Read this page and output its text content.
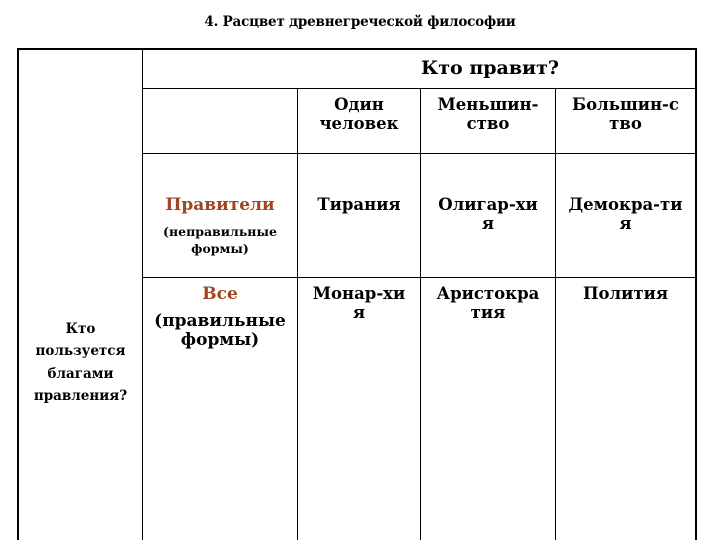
4. Расцвет древнегреческой философии
Кто правит?
Один
человек
Меньшин-
ство
Большин-с
тво
Кто
пользуется
благами
правления?
Правители
(неправильные
формы)
Тирания	Олигар-хи
я
Демокра-ти
я
Все
(правильные
формы)
Монар-хи
я
Аристокра
тия
Полития
